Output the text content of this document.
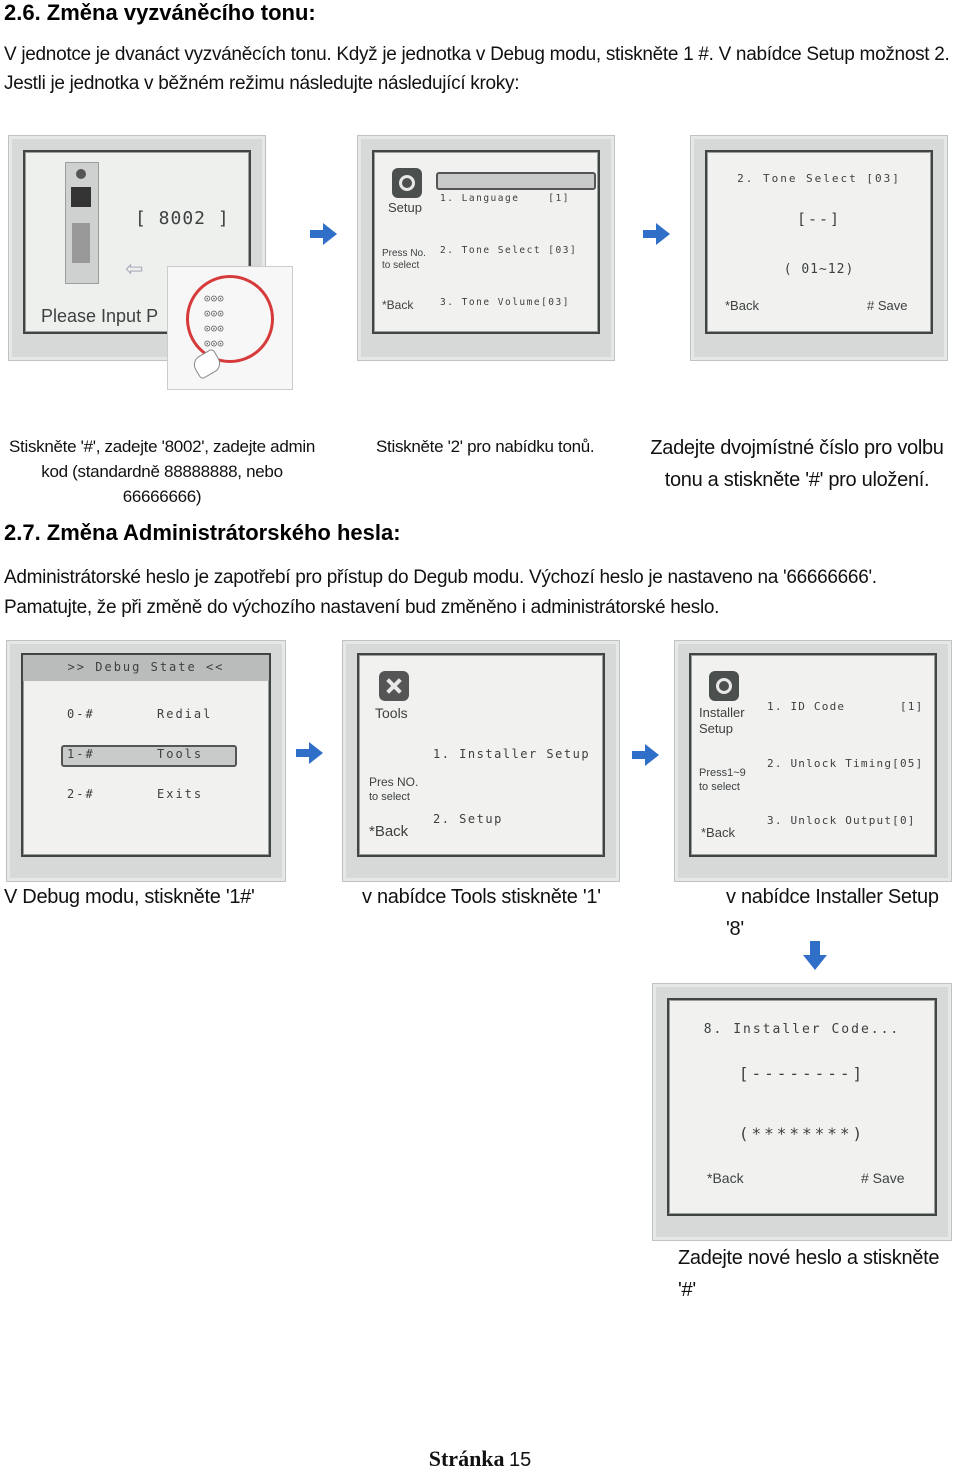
2.6. Změna vyzváněcího tonu:
V jednotce je dvanáct vyzváněcích tonu. Když je jednotka v Debug modu, stiskněte 1 #. V nabídce Setup možnost 2.
Jestli je jednotka v běžném režimu následujte následující kroky:
[ 8002 ]
⇦
Please Input P
⊙⊙⊙
⊙⊙⊙
⊙⊙⊙
⊙⊙⊙
Setup
Press No.
to select
*Back

1. Language    [1]

2. Tone Select [03]

3. Tone Volume[03]

2. Tone Select [03]
[--]
( 01~12)
*Back	# Save
Stiskněte '#', zadejte '8002', zadejte admin
kod (standardně 88888888, nebo 66666666)
Stiskněte '2' pro nabídku tonů.	Zadejte dvojmístné číslo pro volbu
tonu a stiskněte '#' pro uložení.
2.7. Změna Administrátorského hesla:
Administrátorské heslo je zapotřebí pro přístup do Degub modu. Výchozí heslo je nastaveno na '66666666'.
Pamatujte, že při změně do výchozího nastavení bud změněno i administrátorské heslo.
>> Debug State <<
0-#	Redial
1-#	Tools
2-#	Exits
Tools
Pres NO.
to select
*Back

1. Installer Setup

2. Setup

Installer
Setup
Press1~9
to select
*Back

1. ID Code       [1]

2. Unlock Timing[05]

3. Unlock Output[0]

V Debug modu, stiskněte '1#'	v nabídce Tools stiskněte '1'	v nabídce Installer Setup '8'
8. Installer Code...
[--------]
(********)
*Back	# Save
Zadejte nové heslo a stiskněte '#'
Stránka 15
